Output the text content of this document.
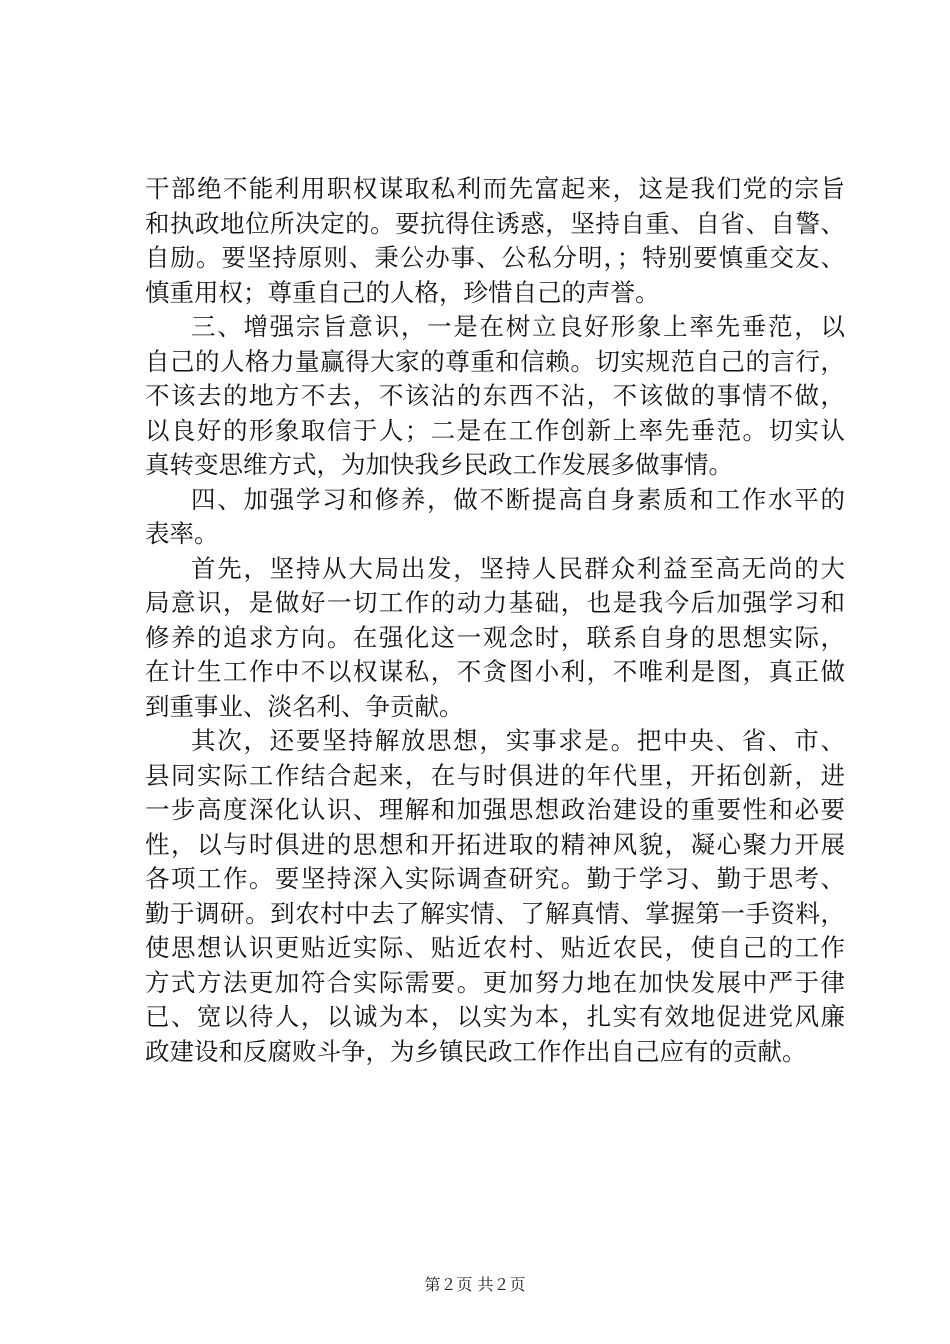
干部绝不能利用职权谋取私利而先富起来，这是我们党的宗旨
和执政地位所决定的。要抗得住诱惑，坚持自重、自省、自警、
自励。要坚持原则、秉公办事、公私分明，；特别要慎重交友、
慎重用权；尊重自己的人格，珍惜自己的声誉。
三、增强宗旨意识，一是在树立良好形象上率先垂范，以
自己的人格力量赢得大家的尊重和信赖。切实规范自己的言行，
不该去的地方不去，不该沾的东西不沾，不该做的事情不做，
以良好的形象取信于人；二是在工作创新上率先垂范。切实认
真转变思维方式，为加快我乡民政工作发展多做事情。
四、加强学习和修养，做不断提高自身素质和工作水平的
表率。
首先，坚持从大局出发，坚持人民群众利益至高无尚的大
局意识，是做好一切工作的动力基础，也是我今后加强学习和
修养的追求方向。在强化这一观念时，联系自身的思想实际，
在计生工作中不以权谋私，不贪图小利，不唯利是图，真正做
到重事业、淡名利、争贡献。
其次，还要坚持解放思想，实事求是。把中央、省、市、
县同实际工作结合起来，在与时俱进的年代里，开拓创新，进
一步高度深化认识、理解和加强思想政治建设的重要性和必要
性，以与时俱进的思想和开拓进取的精神风貌，凝心聚力开展
各项工作。要坚持深入实际调查研究。勤于学习、勤于思考、
勤于调研。到农村中去了解实情、了解真情、掌握第一手资料，
使思想认识更贴近实际、贴近农村、贴近农民，使自己的工作
方式方法更加符合实际需要。更加努力地在加快发展中严于律
已、宽以待人，以诚为本，以实为本，扎实有效地促进党风廉
政建设和反腐败斗争，为乡镇民政工作作出自己应有的贡献。
第２页 共２页
